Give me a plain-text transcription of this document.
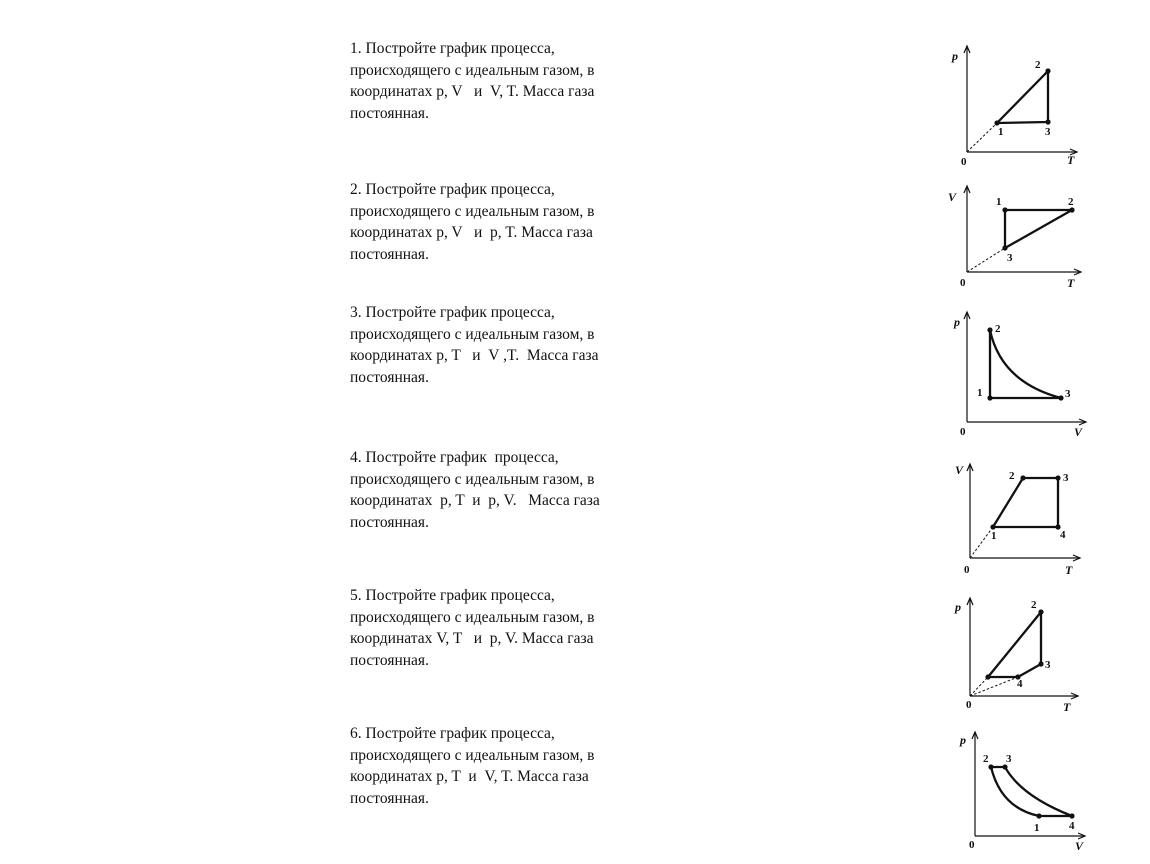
1. Постройте график процесса,
происходящего с идеальным газом, в
координатах p, V   и  V, T. Масса газа
постоянная.
2. Постройте график процесса,
происходящего с идеальным газом, в
координатах p, V   и  p, T. Масса газа
постоянная.
3. Постройте график процесса,
происходящего с идеальным газом, в
координатах p, T   и  V ,T.  Масса газа
постоянная.
4. Постройте график  процесса,
происходящего с идеальным газом, в
координатах  p, T  и  p, V.   Масса газа
постоянная.
5. Постройте график процесса,
происходящего с идеальным газом, в
координатах V, T   и  p, V. Масса газа
постоянная.
6. Постройте график процесса,
происходящего с идеальным газом, в
координатах p, T  и  V, T. Масса газа
постоянная.
p
T
0
1
2
3
V
T
0
1	2
3
p
V
0
1
2
3
V
T
0
1
2	3
4
p
T
0
2
3
4
p
V
0
1
2 3
4
